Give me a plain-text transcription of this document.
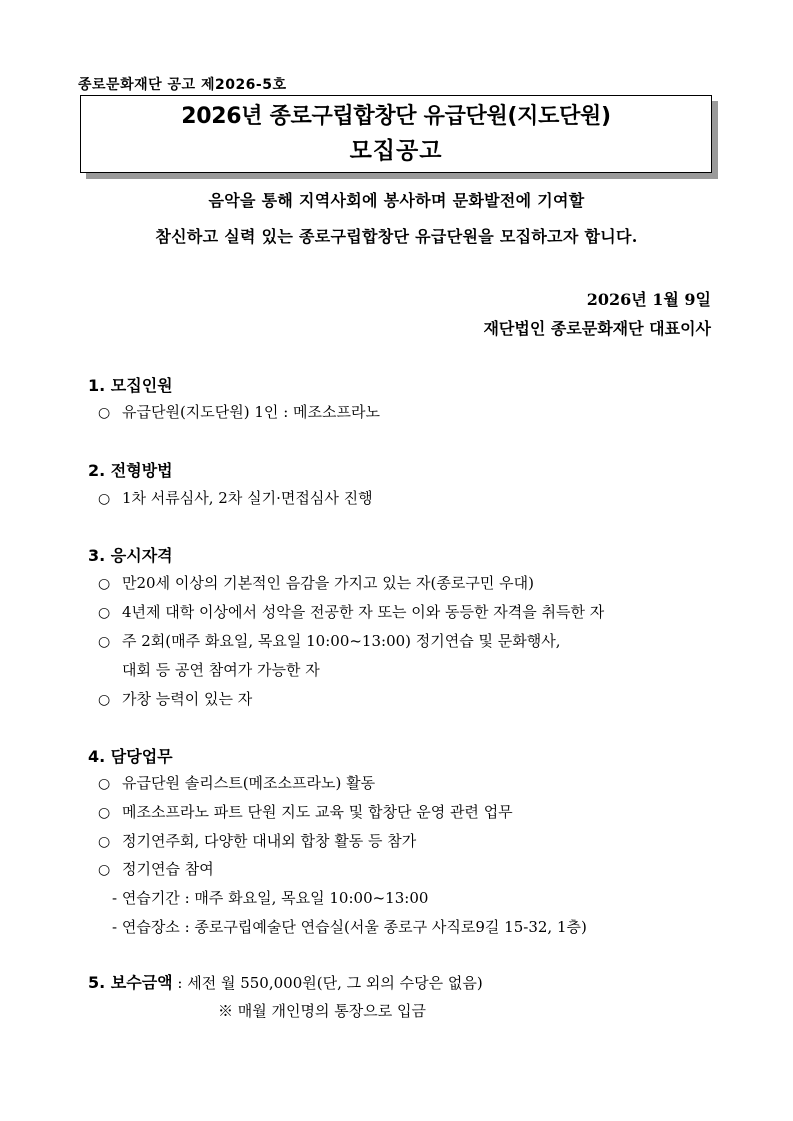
종로문화재단 공고 제2026-5호
2026년 종로구립합창단 유급단원(지도단원)
모집공고
음악을 통해 지역사회에 봉사하며 문화발전에 기여할
참신하고 실력 있는 종로구립합창단 유급단원을 모집하고자 합니다.
2026년 1월 9일
재단법인 종로문화재단 대표이사
1. 모집인원
○ 유급단원(지도단원) 1인 : 메조소프라노
2. 전형방법
○ 1차 서류심사, 2차 실기·면접심사 진행
3. 응시자격
○ 만20세 이상의 기본적인 음감을 가지고 있는 자(종로구민 우대)
○ 4년제 대학 이상에서 성악을 전공한 자 또는 이와 동등한 자격을 취득한 자
○ 주 2회(매주 화요일, 목요일 10:00~13:00) 정기연습 및 문화행사,
대회 등 공연 참여가 가능한 자
○ 가창 능력이 있는 자
4. 담당업무
○ 유급단원 솔리스트(메조소프라노) 활동
○ 메조소프라노 파트 단원 지도 교육 및 합창단 운영 관련 업무
○ 정기연주회, 다양한 대내외 합창 활동 등 참가
○ 정기연습 참여
- 연습기간 : 매주 화요일, 목요일 10:00~13:00
- 연습장소 : 종로구립예술단 연습실(서울 종로구 사직로9길 15-32, 1층)
5. 보수금액 : 세전 월 550,000원(단, 그 외의 수당은 없음)
※ 매월 개인명의 통장으로 입금
